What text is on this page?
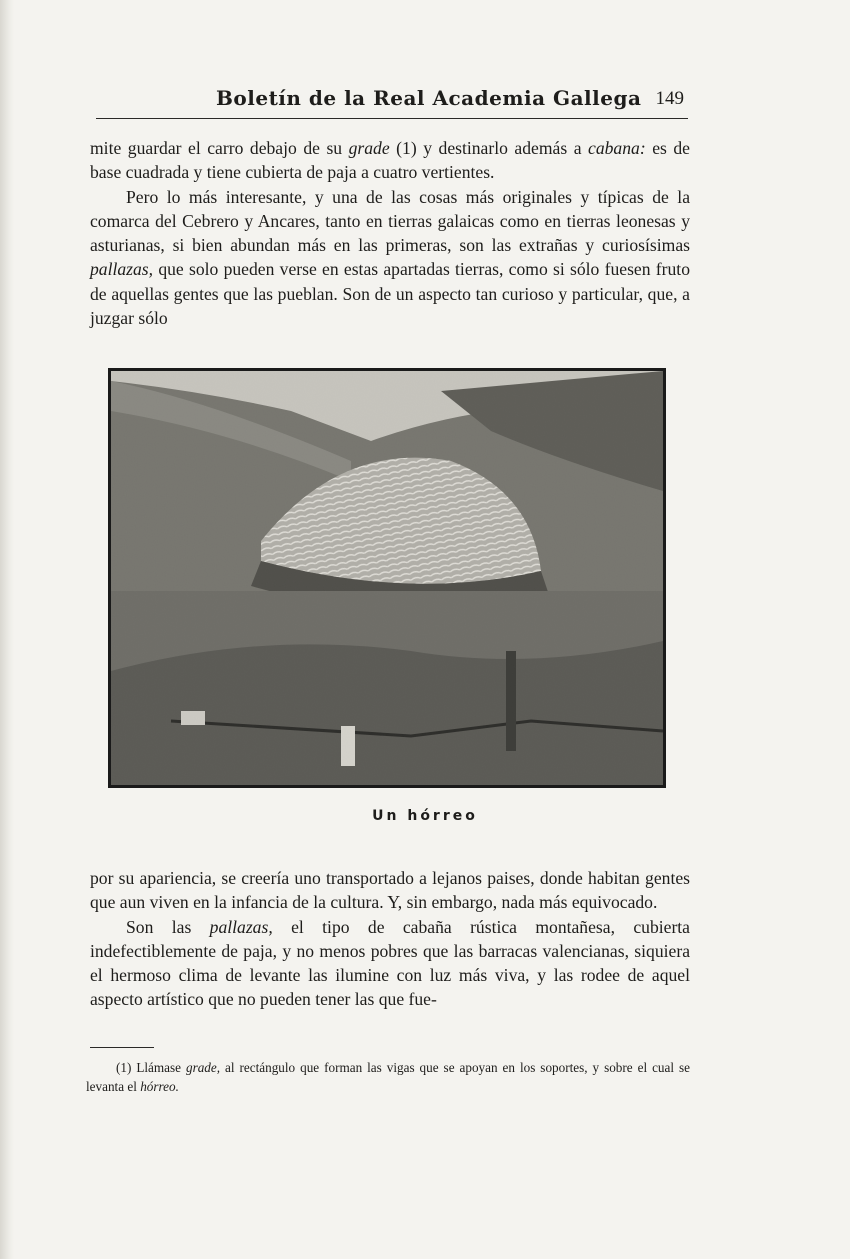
Boletín de la Real Academia Gallega 149

mite guardar el carro debajo de su grade (1) y destinarlo además a cabana: es de base cuadrada y tiene cubierta de paja a cuatro vertientes.

Pero lo más interesante, y una de las cosas más originales y típicas de la comarca del Cebrero y Ancares, tanto en tierras galaicas como en tierras leonesas y asturianas, si bien abundan más en las primeras, son las extrañas y curiosísimas pallazas, que solo pueden verse en estas apartadas tierras, como si sólo fuesen fruto de aquellas gentes que las pueblan. Son de un aspecto tan curioso y particular, que, a juzgar sólo

Un hórreo

por su apariencia, se creería uno transportado a lejanos paises, donde habitan gentes que aun viven en la infancia de la cultura. Y, sin embargo, nada más equivocado.

Son las pallazas, el tipo de cabaña rústica montañesa, cubierta indefectiblemente de paja, y no menos pobres que las barracas valencianas, siquiera el hermoso clima de levante las ilumine con luz más viva, y las rodee de aquel aspecto artístico que no pueden tener las que fue-

(1) Llámase grade, al rectángulo que forman las vigas que se apoyan en los soportes, y sobre el cual se levanta el hórreo.
